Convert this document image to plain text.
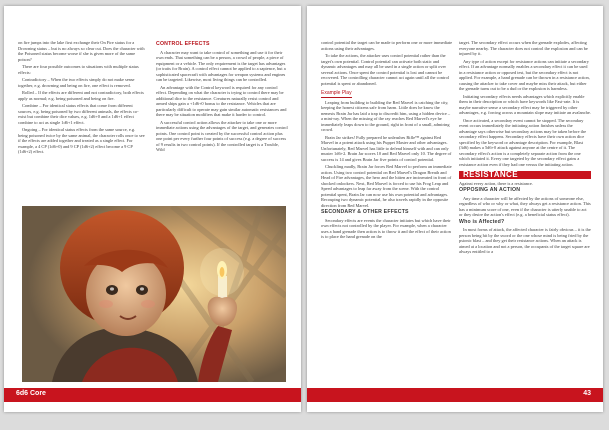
on fire jumps into the lake first exchange their On Fire status for a Drowning status – but is no always so clear cut. Does the character with the Poisoned status become worse if she is given more of the same poison?

There are four possible outcomes to situations with multiple status effects:

Contradictory – When the two effects simply do not make sense together, e.g. drowning and being on fire, one effect is removed.

Rolled – If the effects are different and not contradictory, both effects apply as normal; e.g. being poisoned and being on fire.

Combine – For identical status effects that come from different sources, e.g. being poisoned by two different animals, the effects co-exist but combine their dice values, e.g. 1d6+0 and a 1d6+1 effect combine to act as single 1d6+1 effect.

Ongoing – For identical status effects from the same source, e.g. being poisoned twice by the same animal, the character rolls once to see if the effects are added together and treated as a single effect. For example, a 4 CP (1d6+0) and 9 CP (1d6+2) effect become a 9 CP (1d6+2) effect.

CONTROL EFFECTS

A character may want to take control of something and use it for their own ends. That something can be a person, a crowd of people, a piece of equipment or a vehicle. The only requirement is the target has advantages (or traits for Brain). A control effect cannot be applied to a sapience, but a sophisticated spacecraft with advantages for weapon systems and engines can be targeted. Likewise, most living things can be controlled.

An advantage with the Control keyword is required for any control effect. Depending on what the character is trying to control there may be additional dice to the resistance. Creatures naturally resist control and armed ships gain a +1d6+0 bonus to the resistance. Vehicles that are particularly difficult to operate may gain similar automatic resistances and there may be situation modifiers that make it harder to control.

A successful control action allows the attacker to take one or more immediate actions using the advantages of the target, and generates control points. One control point is created by the successful control action plus one point per every further four points of success (e.g. a degree of success of 9 results in two control points). If the controlled target is a Trouble, Wild

6d6 Core

control potential the target can be made to perform one or more immediate actions using their advantages.

To take the actions, the attacker uses control potential rather than the target's own potential. Control potential can activate both static and dynamic advantages and may all be used in a single action or split over several actions. Once spent the control potential is lost and cannot be recovered. The controlling character cannot act again until all the control potential is spent or abandoned.

Example Play

Leaping from building to building the Red Marvel is catching the city, keeping the honest citizens safe from harm. Little does he know the nemesis Brain Jar has laid a trap to discredit him, using a hidden device – a mini-ray. When the missing of the ray reaches Red Marvel's eye he immediately leaps down to the ground, right in front of a small, admiring crowd.

Brain Jar strikes! Fully prepared he unleashes Rifle™ against Red Marvel in a potent attack using his Puppet Master and other advantages. Unfortunately, Red Marvel has little to defend himself with and can only muster 1d6+2. Brain Jar scores 10 and Red Marvel only 10. The degree of success is 14 and gives Brain Jar five points of control potential.

Chuckling madly, Brain Jar forces Red Marvel to perform an immediate action. Using two control potential on Red Marvel's Dragon Breath and Head of Fire advantages, the hero and the hitten are incinerated in front of shocked onlookers. Next, Red Marvel is forced to use his Frog Leap and Speed advantages to leap far away from the scene. With the control potential spent, Brain Jar can now use his own potential and advantages. Recouping two dynamic potential, he also travels rapidly in the opposite direction from Red Marvel.

SECONDARY & OTHER EFFECTS

Secondary effects are events the character initiates but which have their own effects not controlled by the player. For example, when a character uses a hand grenade then action is to throw it and the effect of their action is to place the hand grenade on the

target. The secondary effect occurs when the grenade explodes, affecting everyone nearby. The character does not control the explosion and can be injured by it.

Any type of action except for resistance actions can initiate a secondary effect. If an advantage normally enables a secondary effect it can be used in a resistance action or opposed test, but the secondary effect is not applied. For example, a hand grenade can be thrown in a resistance action, causing the attacker to take cover and maybe miss their attack, but either the grenade turns out to be a dud or the explosion is harmless.

Initiating secondary effects needs advantages which explicitly enable them in their description or which have keywords like Fast-rate. It is maybe narrative sense a secondary effect may be triggered by other advantages, e.g. forcing across a mountain slope may initiate an avalanche.

Once activated, a secondary event cannot be stopped. The secondary event occurs immediately the initiating action finishes unless the advantage says otherwise but secondary actions may be taken before the secondary effect happens. Secondary effects have their own action dice specified by the keyword or advantage description. For example, Blast (3d6) makes a 5d6+0 attack against anyone at the centre of it. The secondary effect's action is a completely separate action from the one which initiated it. Every one targeted by the secondary effect gains a resistance action even if they had one versus the initiating action.

RESISTANCE

Against every action, there is a resistance.

OPPOSING AN ACTION

Any time a character will be affected by the actions of someone else, regardless of who or why or what, they always get a resistance action. This has a minimum score of one, even if the character is utterly unable to act or they desire the action's effect (e.g. a beneficial status effect).

Who is Affected?

In most forms of attack, the affected character is fairly obvious – it is the person being hit by the sword or the one whose mind is being fried by the psionic blast – and they get their resistance actions. When an attack is aimed at a location and not a person, the occupants of the target square are always entitled to a

43
